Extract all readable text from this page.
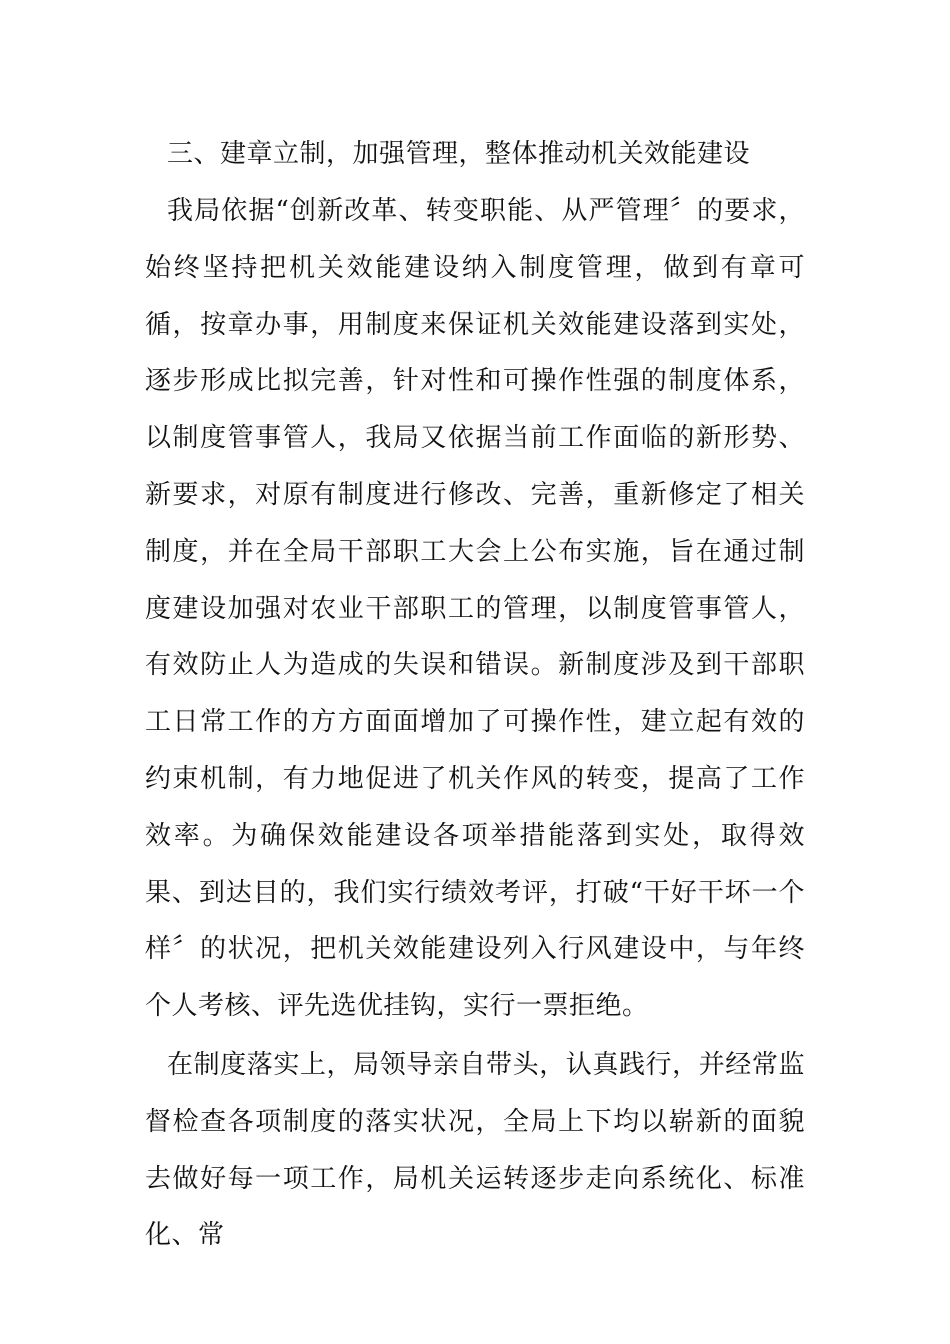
三、建章立制，加强管理，整体推动机关效能建设
我局依据“创新改革、转变职能、从严管理〞的要求，始终坚持把机关效能建设纳入制度管理，做到有章可循，按章办事，用制度来保证机关效能建设落到实处，逐步形成比拟完善，针对性和可操作性强的制度体系，以制度管事管人，我局又依据当前工作面临的新形势、新要求，对原有制度进行修改、完善，重新修定了相关制度，并在全局干部职工大会上公布实施，旨在通过制度建设加强对农业干部职工的管理，以制度管事管人，有效防止人为造成的失误和错误。新制度涉及到干部职工日常工作的方方面面增加了可操作性，建立起有效的约束机制，有力地促进了机关作风的转变，提高了工作效率。为确保效能建设各项举措能落到实处，取得效果、到达目的，我们实行绩效考评，打破“干好干坏一个样〞的状况，把机关效能建设列入行风建设中，与年终个人考核、评先选优挂钩，实行一票拒绝。
在制度落实上，局领导亲自带头，认真践行，并经常监督检查各项制度的落实状况，全局上下均以崭新的面貌去做好每一项工作，局机关运转逐步走向系统化、标准化、常
